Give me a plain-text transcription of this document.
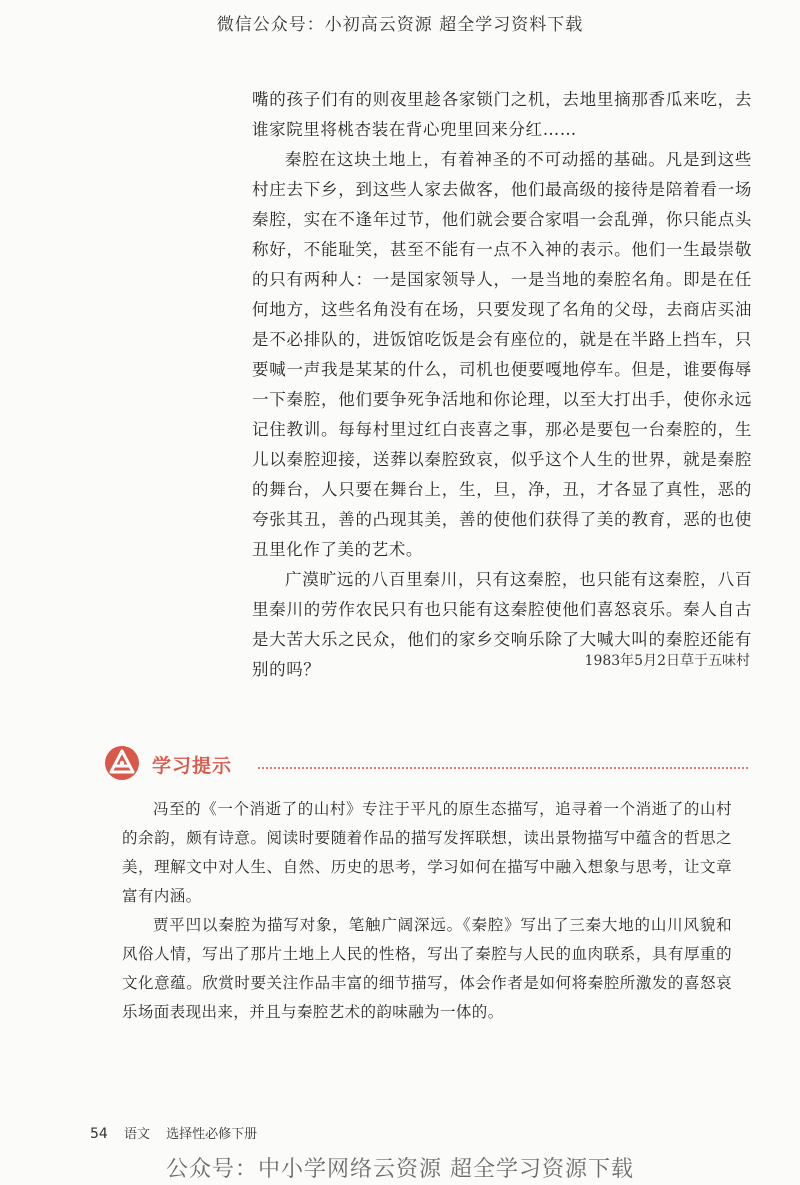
微信公众号：小初高云资源 超全学习资料下载

嘴的孩子们有的则夜里趁各家锁门之机，去地里摘那香瓜来吃，去谁家院里将桃杏装在背心兜里回来分红……

秦腔在这块土地上，有着神圣的不可动摇的基础。凡是到这些村庄去下乡，到这些人家去做客，他们最高级的接待是陪着看一场秦腔，实在不逢年过节，他们就会要合家唱一会乱弹，你只能点头称好，不能耻笑，甚至不能有一点不入神的表示。他们一生最崇敬的只有两种人：一是国家领导人，一是当地的秦腔名角。即是在任何地方，这些名角没有在场，只要发现了名角的父母，去商店买油是不必排队的，进饭馆吃饭是会有座位的，就是在半路上挡车，只要喊一声我是某某的什么，司机也便要嘎地停车。但是，谁要侮辱一下秦腔，他们要争死争活地和你论理，以至大打出手，使你永远记住教训。每每村里过红白丧喜之事，那必是要包一台秦腔的，生儿以秦腔迎接，送葬以秦腔致哀，似乎这个人生的世界，就是秦腔的舞台，人只要在舞台上，生，旦，净，丑，才各显了真性，恶的夸张其丑，善的凸现其美，善的使他们获得了美的教育，恶的也使丑里化作了美的艺术。

广漠旷远的八百里秦川，只有这秦腔，也只能有这秦腔，八百里秦川的劳作农民只有也只能有这秦腔使他们喜怒哀乐。秦人自古是大苦大乐之民众，他们的家乡交响乐除了大喊大叫的秦腔还能有别的吗？	1983年5月2日草于五味村
学习提示

冯至的《一个消逝了的山村》专注于平凡的原生态描写，追寻着一个消逝了的山村的余韵，颇有诗意。阅读时要随着作品的描写发挥联想，读出景物描写中蕴含的哲思之美，理解文中对人生、自然、历史的思考，学习如何在描写中融入想象与思考，让文章富有内涵。

贾平凹以秦腔为描写对象，笔触广阔深远。《秦腔》写出了三秦大地的山川风貌和风俗人情，写出了那片土地上人民的性格，写出了秦腔与人民的血肉联系，具有厚重的文化意蕴。欣赏时要关注作品丰富的细节描写，体会作者是如何将秦腔所激发的喜怒哀乐场面表现出来，并且与秦腔艺术的韵味融为一体的。

54 语文 选择性必修下册
公众号：中小学网络云资源 超全学习资源下载
